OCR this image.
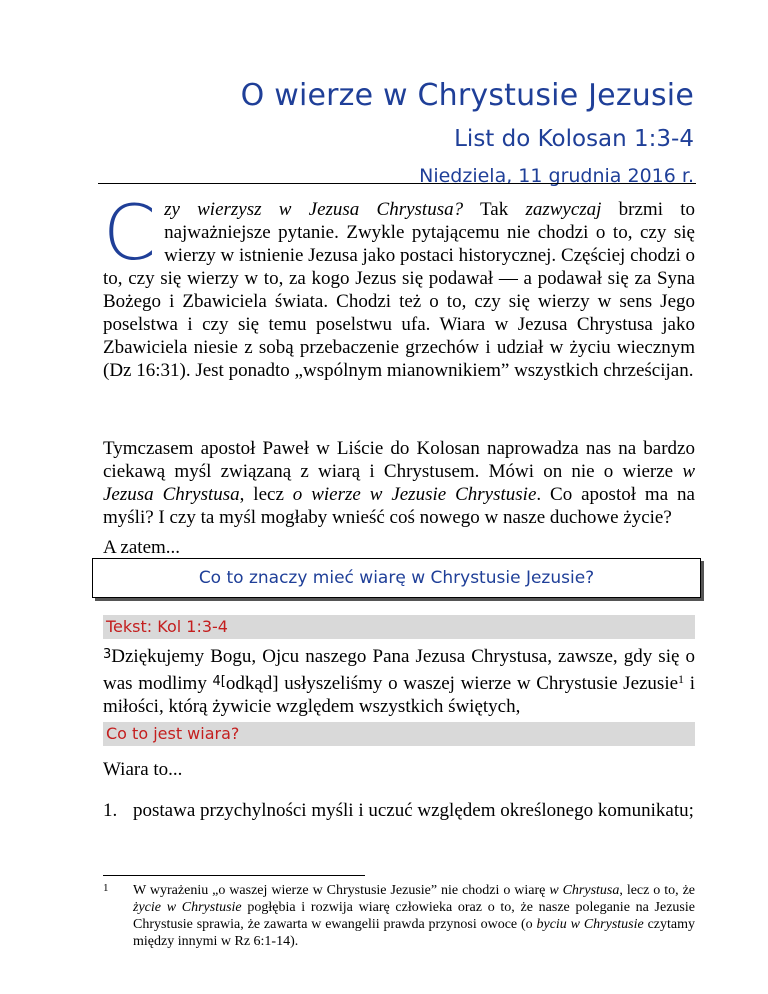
O wierze w Chrystusie Jezusie
List do Kolosan 1:3-4
Niedziela, 11 grudnia 2016 r.
Czy wierzysz w Jezusa Chrystusa? Tak zazwyczaj brzmi to najważniejsze pytanie. Zwykle pytającemu nie chodzi o to, czy się wierzy w istnienie Jezusa jako postaci historycznej. Częściej chodzi o to, czy się wierzy w to, za kogo Jezus się podawał — a podawał się za Syna Bożego i Zbawiciela świata. Chodzi też o to, czy się wierzy w sens Jego poselstwa i czy się temu poselstwu ufa. Wiara w Jezusa Chrystusa jako Zbawiciela niesie z sobą przebaczenie grzechów i udział w życiu wiecznym (Dz 16:31). Jest ponadto „wspólnym mianownikiem” wszystkich chrześcijan.
Tymczasem apostoł Paweł w Liście do Kolosan naprowadza nas na bardzo ciekawą myśl związaną z wiarą i Chrystusem. Mówi on nie o wierze w Jezusa Chrystusa, lecz o wierze w Jezusie Chrystusie. Co apostoł ma na myśli? I czy ta myśl mogłaby wnieść coś nowego w nasze duchowe życie?
A zatem...
Co to znaczy mieć wiarę w Chrystusie Jezusie?
Tekst: Kol 1:3-4
$^3$Dziękujemy Bogu, Ojcu naszego Pana Jezusa Chrystusa, zawsze, gdy się o was modlimy $^{4[}$odkąd] usłyszeliśmy o waszej wierze w Chrystusie Jezusie$^1$ i miłości, którą żywicie względem wszystkich świętych,
Co to jest wiara?
Wiara to...
1. postawa przychylności myśli i uczuć względem określonego komunikatu;
1 W wyrażeniu „o waszej wierze w Chrystusie Jezusie” nie chodzi o wiarę w Chrystusa, lecz o to, że życie w Chrystusie pogłębia i rozwija wiarę człowieka oraz o to, że nasze poleganie na Jezusie Chrystusie sprawia, że zawarta w ewangelii prawda przynosi owoce (o byciu w Chrystusie czytamy między innymi w Rz 6:1-14).
